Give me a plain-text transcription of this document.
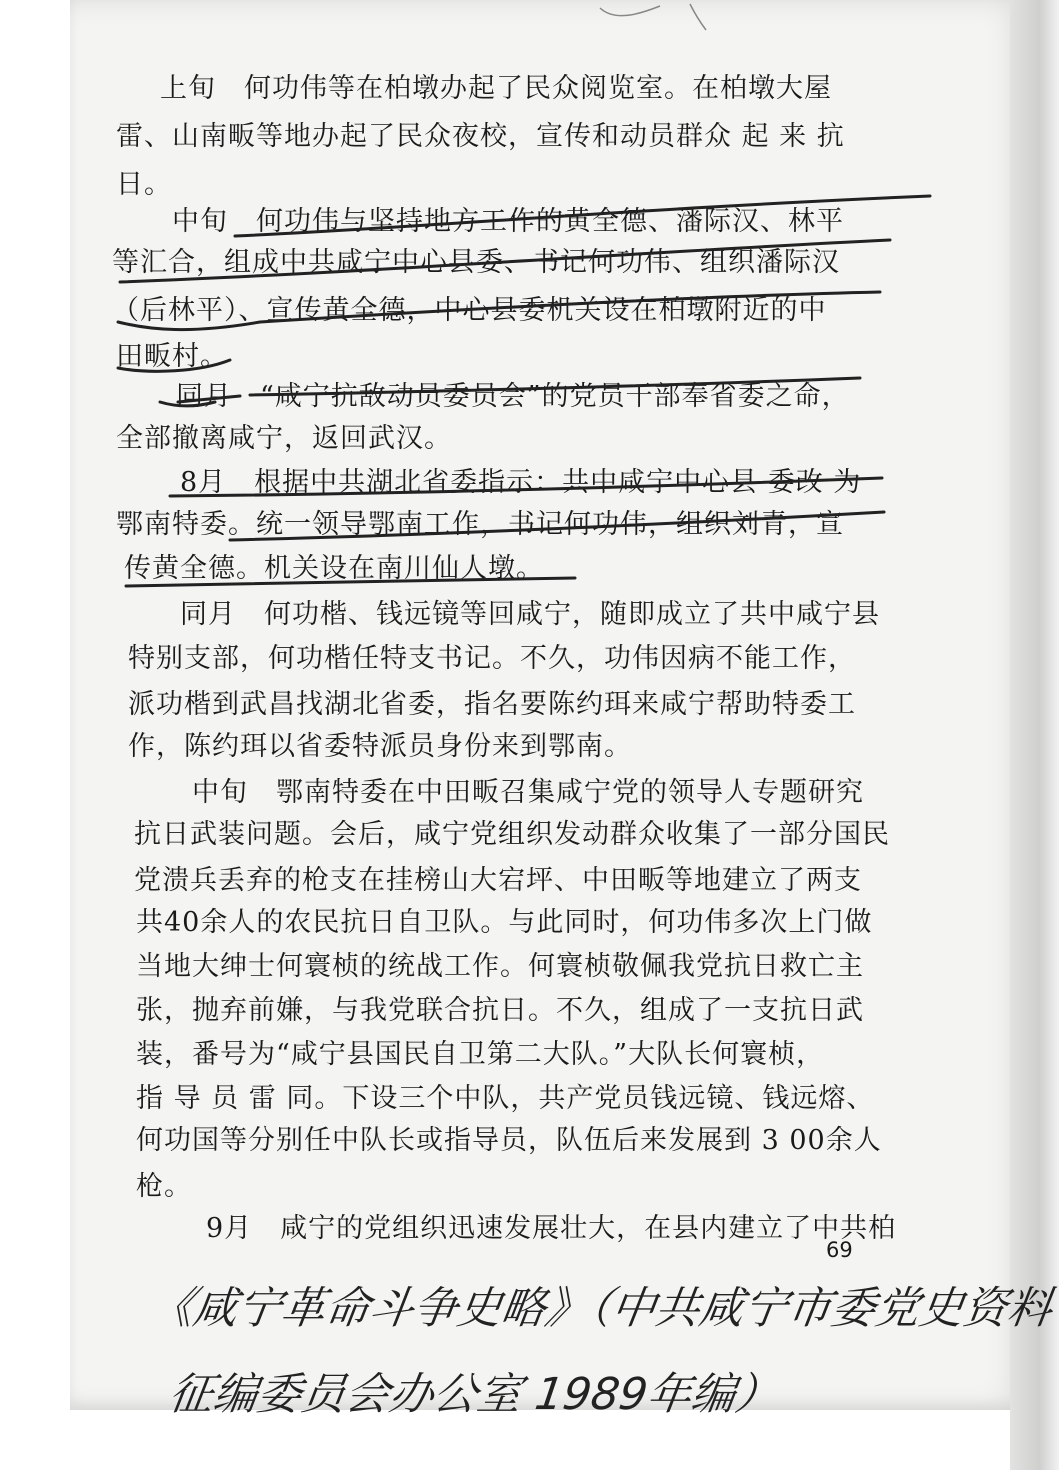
上旬　何功伟等在柏墩办起了民众阅览室。在柏墩大屋
雷、山南畈等地办起了民众夜校，宣传和动员群众 起 来 抗
日。
中旬　何功伟与坚持地方工作的黄全德、潘际汉、林平
等汇合，组成中共咸宁中心县委、书记何功伟、组织潘际汉
（后林平）、宣传黄全德，中心县委机关设在柏墩附近的中
田畈村。
同月　“咸宁抗敌动员委员会”的党员干部奉省委之命，
全部撤离咸宁，返回武汉。
8月　根据中共湖北省委指示：共中咸宁中心县 委改 为
鄂南特委。统一领导鄂南工作，书记何功伟，组织刘青，宣
传黄全德。机关设在南川仙人墩。
同月　何功楷、钱远镜等回咸宁，随即成立了共中咸宁县
特别支部，何功楷任特支书记。不久，功伟因病不能工作，
派功楷到武昌找湖北省委，指名要陈约珥来咸宁帮助特委工
作，陈约珥以省委特派员身份来到鄂南。
中旬　鄂南特委在中田畈召集咸宁党的领导人专题研究
抗日武装问题。会后，咸宁党组织发动群众收集了一部分国民
党溃兵丢弃的枪支在挂榜山大宕坪、中田畈等地建立了两支
共40余人的农民抗日自卫队。与此同时，何功伟多次上门做
当地大绅士何寰桢的统战工作。何寰桢敬佩我党抗日救亡主
张，抛弃前嫌，与我党联合抗日。不久，组成了一支抗日武
装，番号为“咸宁县国民自卫第二大队。”大队长何寰桢，
指 导 员 雷 同。下设三个中队，共产党员钱远镜、钱远熔、
何功国等分别任中队长或指导员，队伍后来发展到 3 00余人
枪。
9月　咸宁的党组织迅速发展壮大，在县内建立了中共柏
69
《咸宁革命斗争史略》（中共咸宁市委党史资料
征编委员会办公室 1989年编）
